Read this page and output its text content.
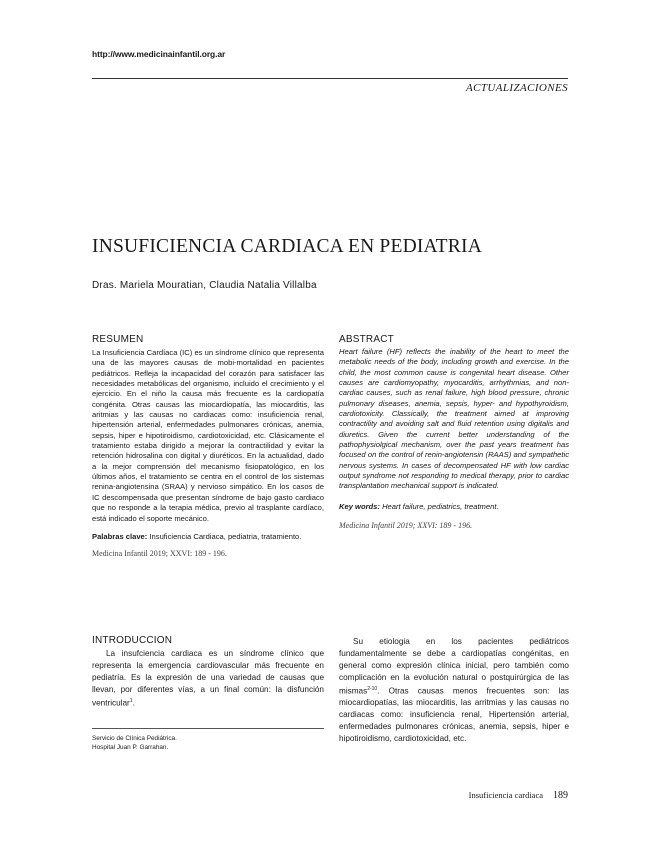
http://www.medicinainfantil.org.ar
ACTUALIZACIONES
INSUFICIENCIA CARDIACA EN PEDIATRIA
Dras. Mariela Mouratian, Claudia Natalia Villalba
RESUMEN
La Insuficiencia Cardíaca (IC) es un síndrome clínico que representa una de las mayores causas de mobi-mortalidad en pacientes pediátricos. Refleja la incapacidad del corazón para satisfacer las necesidades metabólicas del organismo, incluido el crecimiento y el ejercicio. En el niño la causa más frecuente es la cardiopatía congénita. Otras causas las miocardiopatía, las miocarditis, las aritmias y las causas no cardiacas como: insuficiencia renal, hipertensión arterial, enfermedades pulmonares crónicas, anemia, sepsis, hiper e hipotiroidismo, cardiotoxicidad, etc. Clásicamente el tratamiento estaba dirigido a mejorar la contractilidad y evitar la retención hidrosalina con digital y diuréticos. En la actualidad, dado a la mejor comprensión del mecanismo fisiopatológico, en los últimos años, el tratamiento se centra en el control de los sistemas renina-angiotensina (SRAA) y nervioso simpático. En los casos de IC descompensada que presentan síndrome de bajo gasto cardiaco que no responde a la terapia médica, previo al trasplante cardíaco, está indicado el soporte mecánico.
Palabras clave: Insuficiencia Cardiaca, pediatria, tratamiento.
Medicina Infantil 2019; XXVI: 189 - 196.
ABSTRACT
Heart failure (HF) reflects the inability of the heart to meet the metabolic needs of the body, including growth and exercise. In the child, the most common cause is congenital heart disease. Other causes are cardiomyopathy, myocarditis, arrhythmias, and non-cardiac causes, such as renal failure, high blood pressure, chronic pulmonary diseases, anemia, sepsis, hyper- and hypothyroidism, cardiotoxicity. Classically, the treatment aimed at improving contractility and avoiding salt and fluid retention using digitalis and diuretics. Given the current better understanding of the pathophysiolgical mechanism, over the past years treatment has focused on the control of renin-angiotensin (RAAS) and sympathetic nervous systems. In cases of decompensated HF with low cardiac output syndrome not responding to medical therapy, prior to cardiac transplantation mechanical support is indicated.
Key words: Heart failure, pediatrics, treatment.
Medicina Infantil 2019; XXVI: 189 - 196.
INTRODUCCION
La insufciencia cardiaca es un síndrome clínico que representa la emergencia cardiovascular más frecuente en pediatría. Es la expresión de una variedad de causas que llevan, por diferentes vías, a un final común: la disfunción ventricular$^1$.
Su etiologia en los pacientes pediátricos fundamentalmente se debe a cardiopatías congénitas, en general como expresión clínica inicial, pero también como complicación en la evolución natural o postquirúrgica de las mismas$^{2-10}$. Otras causas menos frecuentes son: las miocardiopatías, las miocarditis, las arritmias y las causas no cardiacas como: insuficiencia renal, Hipertensión arterial, enfermedades pulmonares crónicas, anemia, sepsis, hiper e hipotiroidismo, cardiotoxicidad, etc.
Servicio de Clínica Pediátrica.
Hospital Juan P. Garrahan.
Insuficiencia cardiaca 189
